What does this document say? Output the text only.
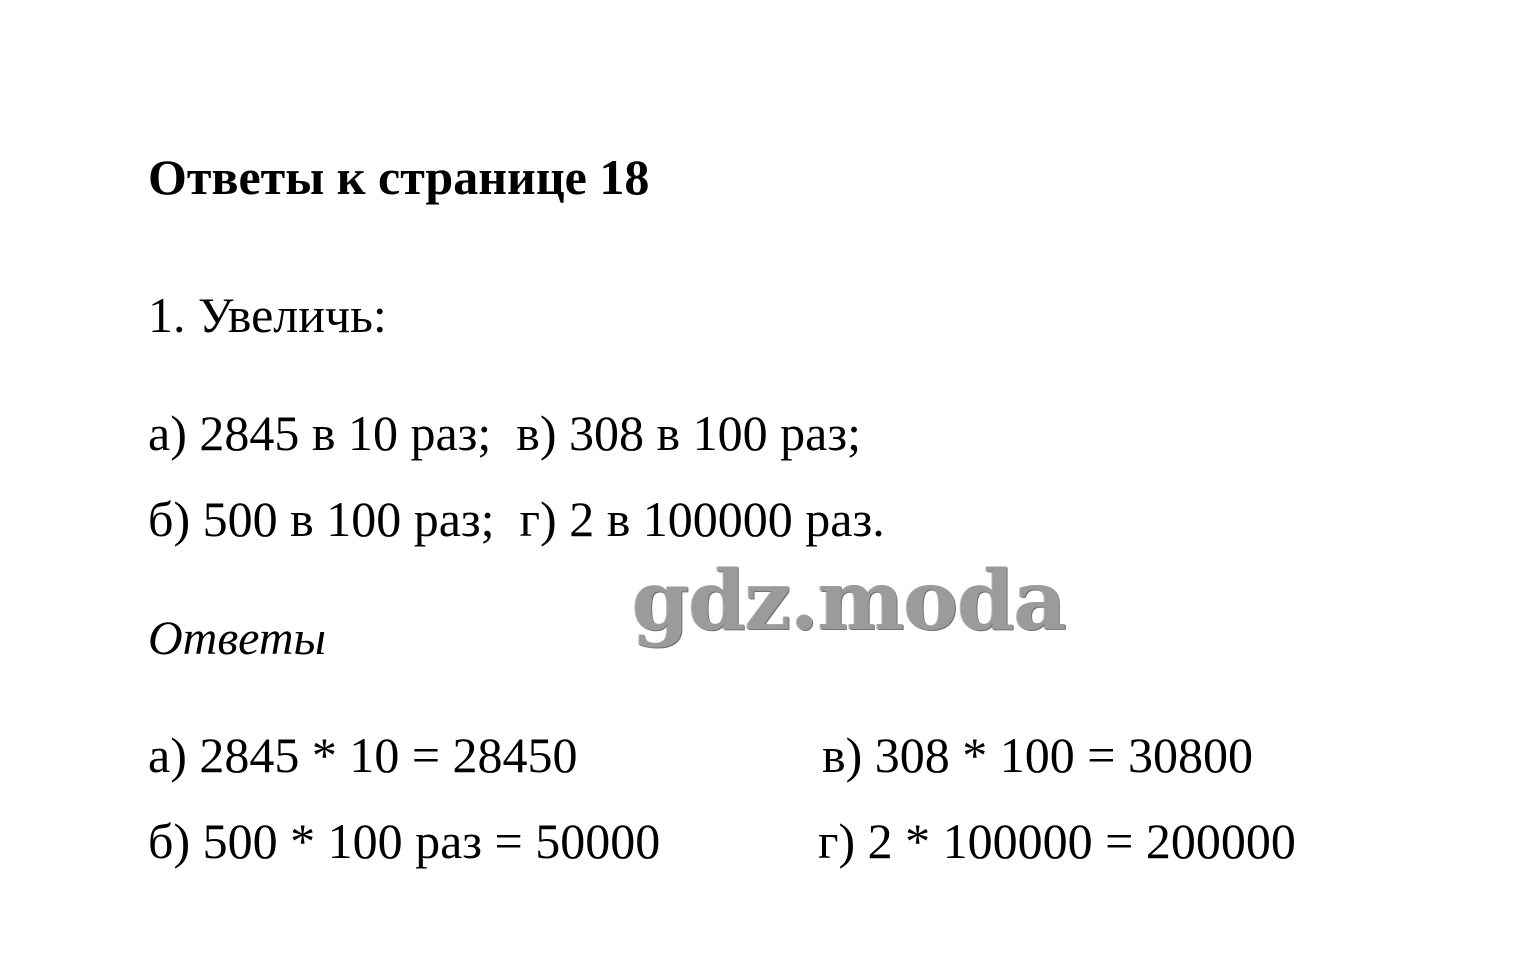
Ответы к странице 18
1. Увеличь:
а) 2845 в 10 раз;  в) 308 в 100 раз;
б) 500 в 100 раз;  г) 2 в 100000 раз.
gdz.moda
Ответы
а) 2845 * 10 = 28450	в) 308 * 100 = 30800
б) 500 * 100 раз = 50000	г) 2 * 100000 = 200000
